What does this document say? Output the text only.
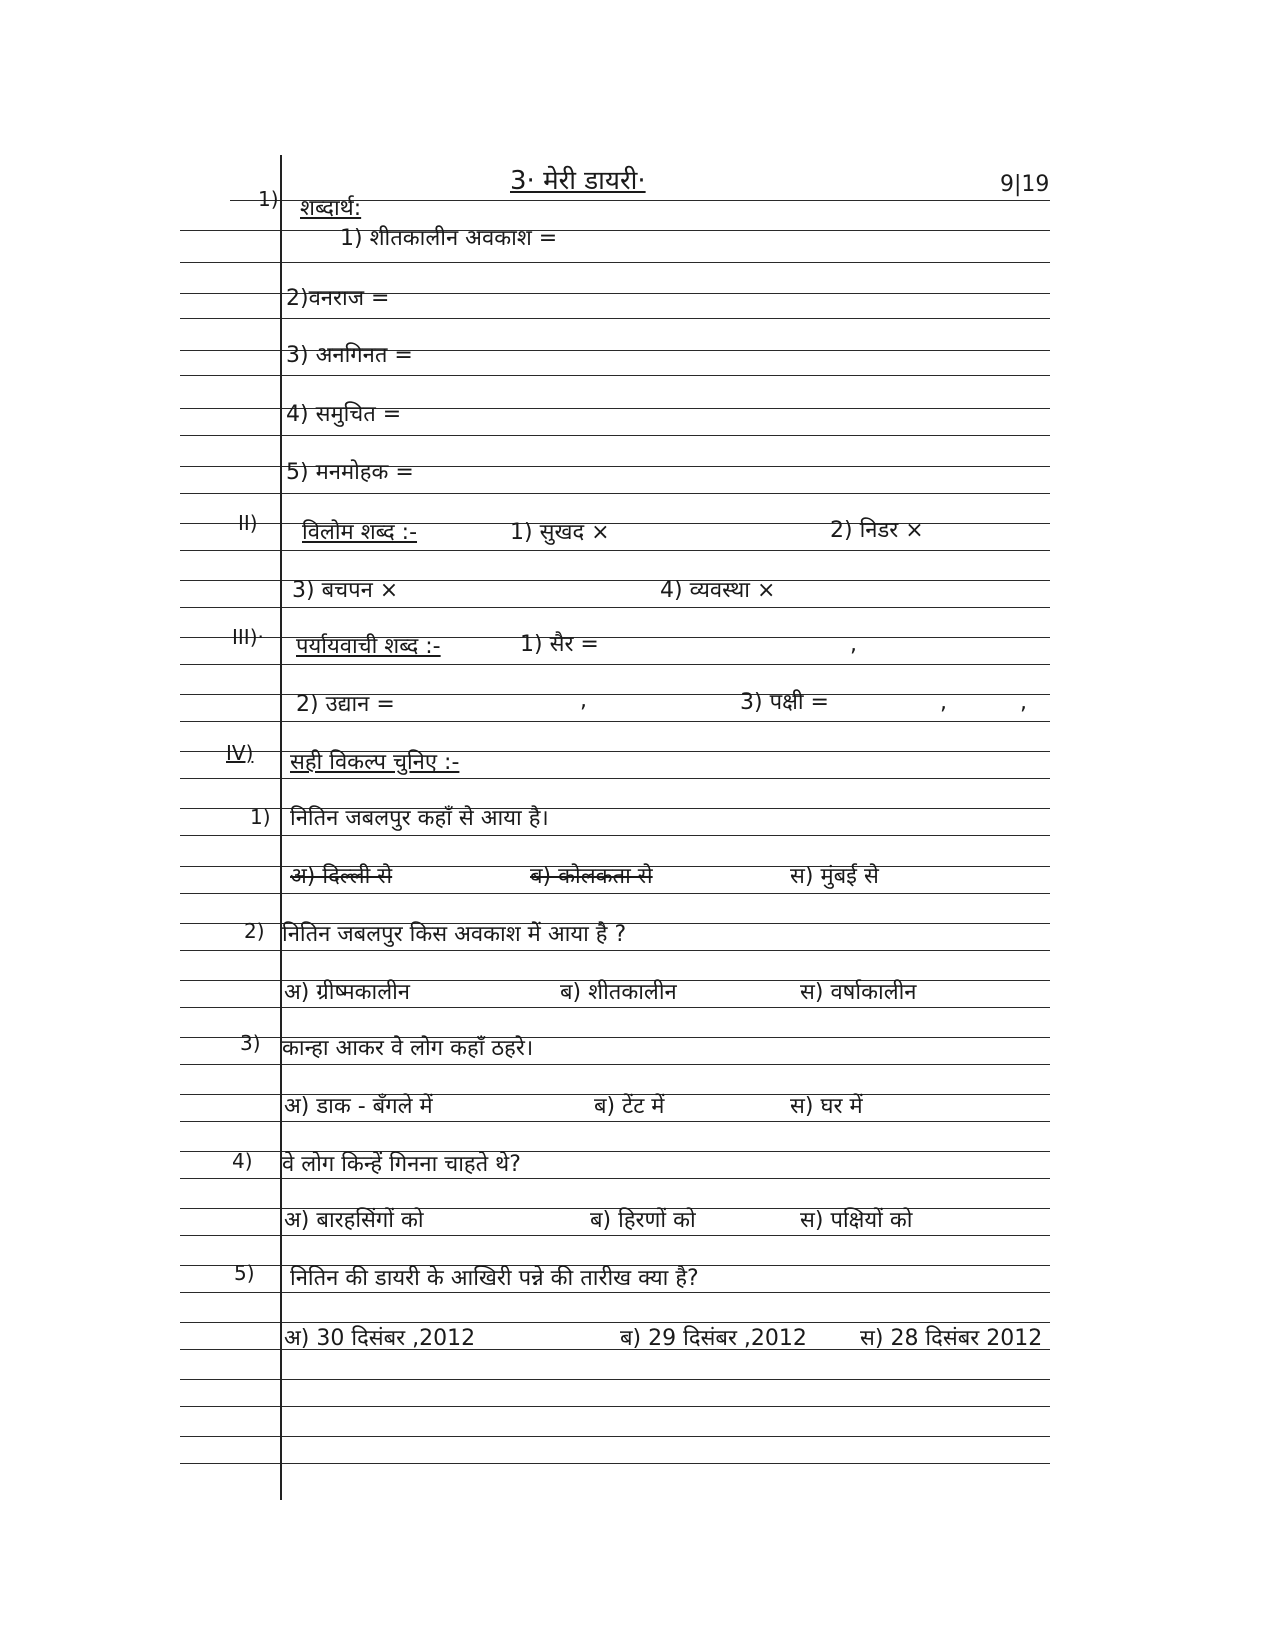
3· मेरी डायरी·	9|19
1) शब्दार्थ:
1) शीतकालीन अवकाश =
2)वनराज =
3) अनगिनत =
4) समुचित =
5) मनमोहक =
II) विलोम शब्द :-	1) सुखद ×	2) निडर ×
3) बचपन ×	4) व्यवस्था ×
III)· पर्यायवाची शब्द :-	1) सैर =	,
2) उद्यान =	,	3) पक्षी =	,	,
IV) सही विकल्प चुनिए :-
1) नितिन जबलपुर कहाँ से आया है।
अ) दिल्ली से	ब) कोलकता से	स) मुंबई से
2) नितिन जबलपुर किस अवकाश में आया है ?
अ) ग्रीष्मकालीन	ब) शीतकालीन	स) वर्षाकालीन
3) कान्हा आकर वे लोग कहाँ ठहरे।
अ) डाक - बँगले में	ब) टेंट में	स) घर में
4) वे लोग किन्हें गिनना चाहते थे?
अ) बारहसिंगों को	ब) हिरणों को	स) पक्षियों को
5) नितिन की डायरी के आखिरी पन्ने की तारीख क्या है?
अ) 30 दिसंबर ,2012	ब) 29 दिसंबर ,2012 स) 28 दिसंबर 2012
